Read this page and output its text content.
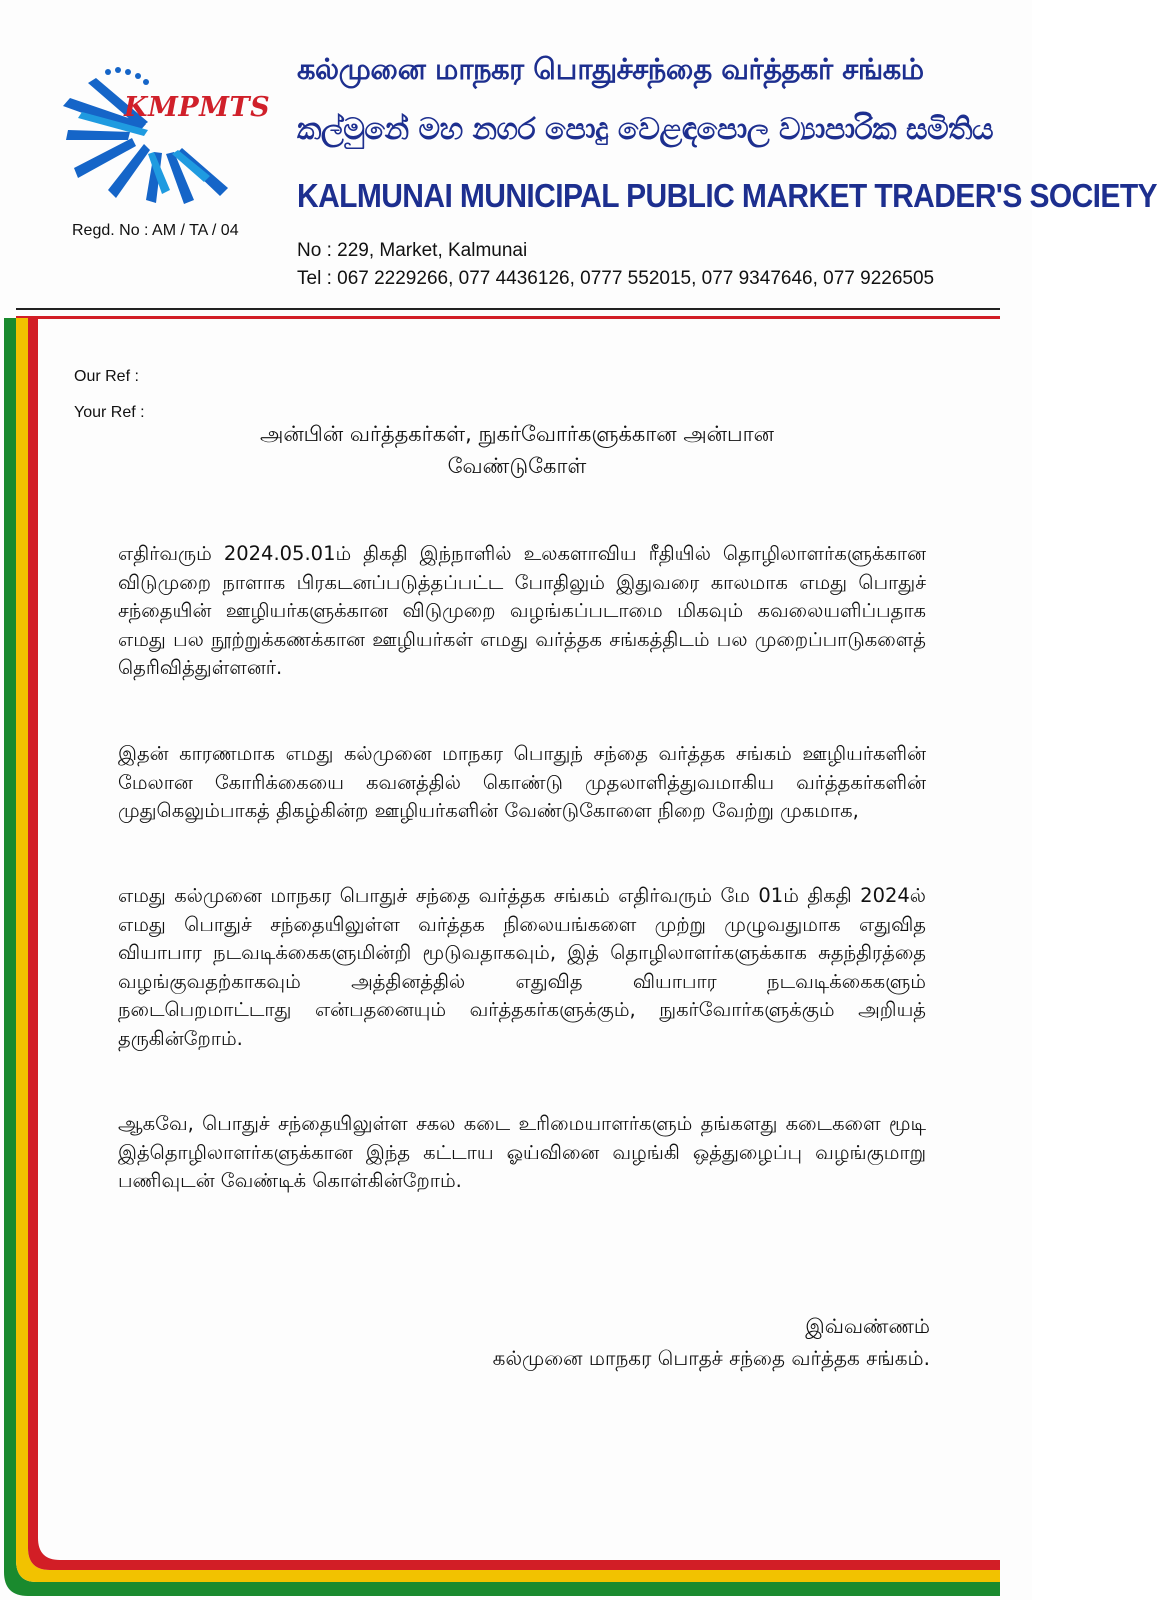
KMPMTS
Regd. No : AM / TA / 04
கல்முனை மாநகர பொதுச்சந்தை வர்த்தகர் சங்கம்
කල්මුනේ මහ නගර පොදු වෙළඳපොල ව්‍යාපාරික සමිතිය
KALMUNAI MUNICIPAL PUBLIC MARKET TRADER'S SOCIETY
No : 229, Market, Kalmunai
Tel : 067 2229266, 077 4436126, 0777 552015, 077 9347646, 077 9226505
Our Ref :
Your Ref :
அன்பின் வர்த்தகர்கள், நுகர்வோர்களுக்கான அன்பான
வேண்டுகோள்
எதிர்வரும் 2024.05.01ம் திகதி இந்நாளில் உலகளாவிய ரீதியில் தொழிலாளர்களுக்கான விடுமுறை நாளாக பிரகடனப்படுத்தப்பட்ட போதிலும் இதுவரை காலமாக எமது பொதுச் சந்தையின் ஊழியர்களுக்கான விடுமுறை வழங்கப்படாமை மிகவும் கவலையளிப்பதாக எமது பல நூற்றுக்கணக்கான ஊழியர்கள் எமது வர்த்தக சங்கத்திடம் பல முறைப்பாடுகளைத் தெரிவித்துள்ளனர்.
இதன் காரணமாக எமது கல்முனை மாநகர பொதுந் சந்தை வர்த்தக சங்கம் ஊழியர்களின் மேலான கோரிக்கையை கவனத்தில் கொண்டு முதலாளித்துவமாகிய வர்த்தகர்களின் முதுகெலும்பாகத் திகழ்கின்ற ஊழியர்களின் வேண்டுகோளை நிறை வேற்று முகமாக,
எமது கல்முனை மாநகர பொதுச் சந்தை வர்த்தக சங்கம் எதிர்வரும் மே 01ம் திகதி 2024ல் எமது பொதுச் சந்தையிலுள்ள வர்த்தக நிலையங்களை முற்று முழுவதுமாக எதுவித வியாபார நடவடிக்கைகளுமின்றி மூடுவதாகவும், இத் தொழிலாளர்களுக்காக சுதந்திரத்தை வழங்குவதற்காகவும் அத்தினத்தில் எதுவித வியாபார நடவடிக்கைகளும் நடைபெறமாட்டாது என்பதனையும் வர்த்தகர்களுக்கும், நுகர்வோர்களுக்கும் அறியத் தருகின்றோம்.
ஆகவே, பொதுச் சந்தையிலுள்ள சகல கடை உரிமையாளர்களும் தங்களது கடைகளை மூடி இத்தொழிலாளர்களுக்கான இந்த கட்டாய ஓய்வினை வழங்கி ஒத்துழைப்பு வழங்குமாறு பணிவுடன் வேண்டிக் கொள்கின்றோம்.
இவ்வண்ணம்
கல்முனை மாநகர பொதச் சந்தை வர்த்தக சங்கம்.
